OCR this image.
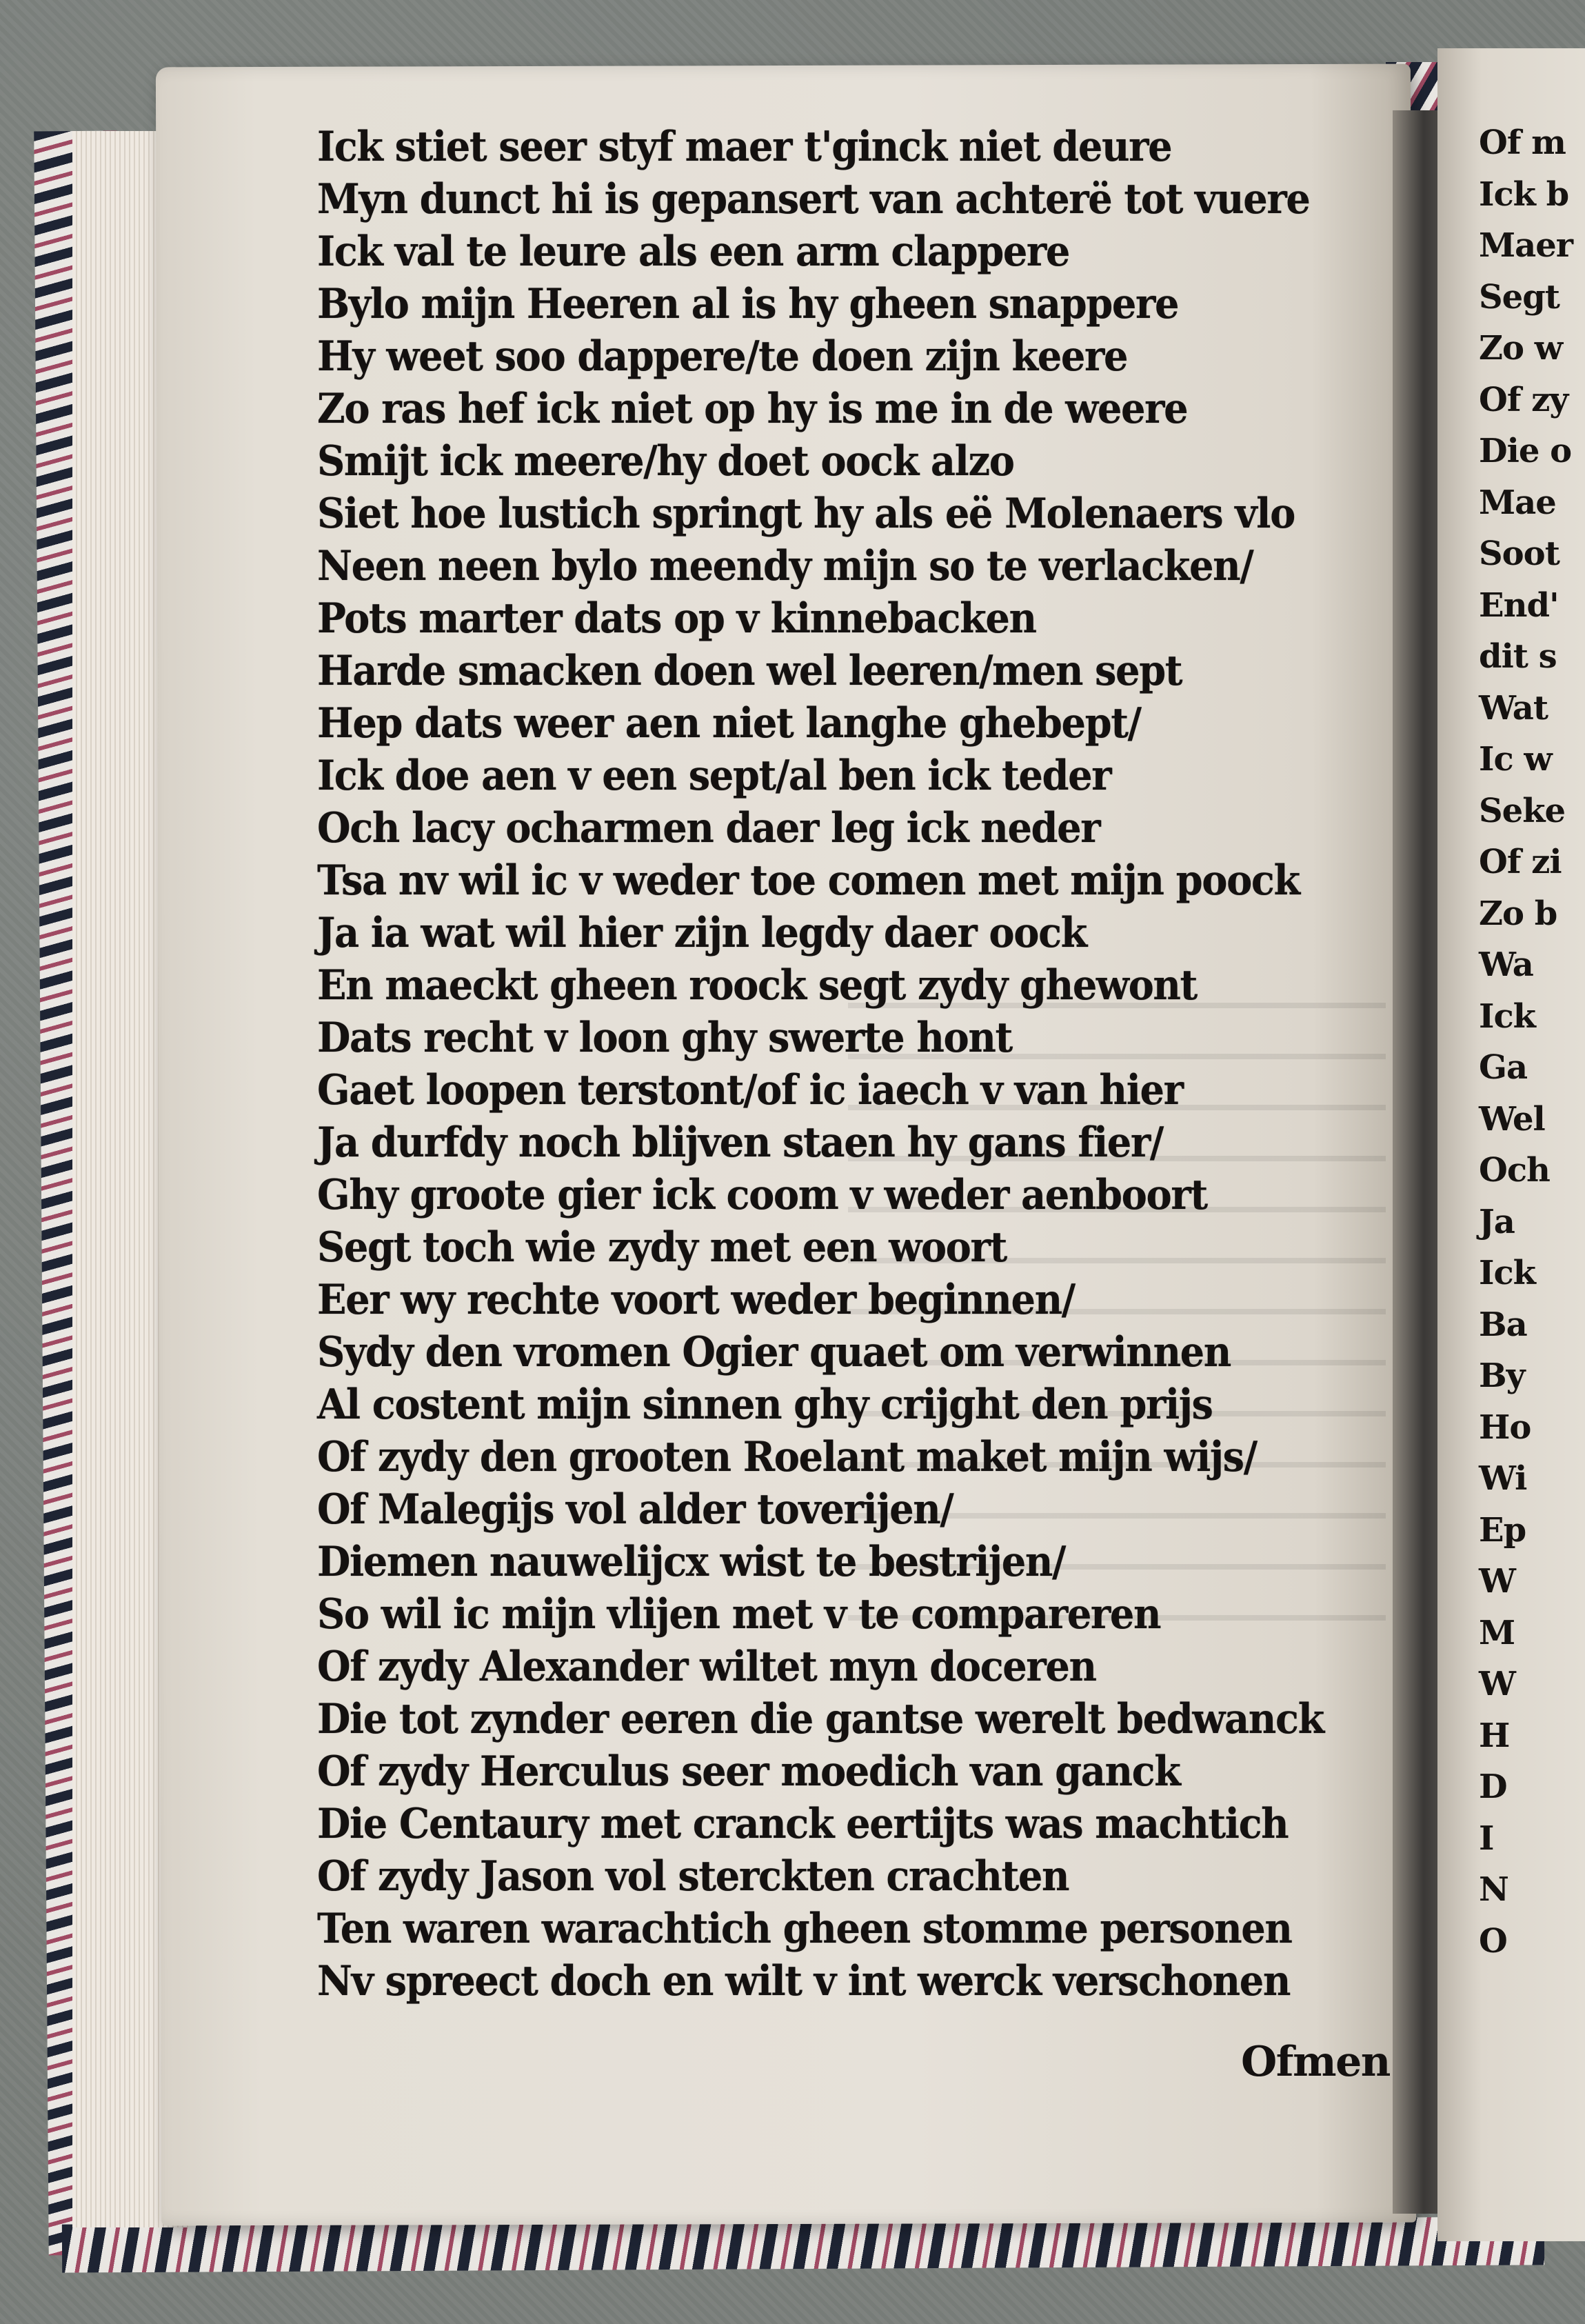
Ick stiet seer styf maer t'ginck niet deure
Myn dunct hi is gepansert van achterë tot vuere
Ick val te leure als een arm clappere
Bylo mijn Heeren al is hy gheen snappere
Hy weet soo dappere/te doen zijn keere
Zo ras hef ick niet op hy is me in de weere
Smijt ick meere/hy doet oock alzo
Siet hoe lustich springt hy als eë Molenaers vlo
Neen neen bylo meendy mijn so te verlacken/
Pots marter dats op v kinnebacken
Harde smacken doen wel leeren/men sept
Hep dats weer aen niet langhe ghebept/
Ick doe aen v een sept/al ben ick teder
Och lacy ocharmen daer leg ick neder
Tsa nv wil ic v weder toe comen met mijn poock
Ja ia wat wil hier zijn legdy daer oock
En maeckt gheen roock segt zydy ghewont
Dats recht v loon ghy swerte hont
Gaet loopen terstont/of ic iaech v van hier
Ja durfdy noch blijven staen hy gans fier/
Ghy groote gier ick coom v weder aenboort
Segt toch wie zydy met een woort
Eer wy rechte voort weder beginnen/
Sydy den vromen Ogier quaet om verwinnen
Al costent mijn sinnen ghy crijght den prijs
Of zydy den grooten Roelant maket mijn wijs/
Of Malegijs vol alder toverijen/
Diemen nauwelijcx wist te bestrijen/
So wil ic mijn vlijen met v te compareren
Of zydy Alexander wiltet myn doceren
Die tot zynder eeren die gantse werelt bedwanck
Of zydy Herculus seer moedich van ganck
Die Centaury met cranck eertijts was machtich
Of zydy Jason vol sterckten crachten
Ten waren warachtich gheen stomme personen
Nv spreect doch en wilt v int werck verschonen
Ofmen
Of m
Ick b
Maer
Segt
Zo w
Of zy
Die o
Mae
Soot
End'
dit s
Wat
Ic w
Seke
Of zi
Zo b
Wa
Ick
Ga
Wel
Och
Ja
Ick
Ba
By
Ho
Wi
Ep
W
M
W
H
D
I
N
O
